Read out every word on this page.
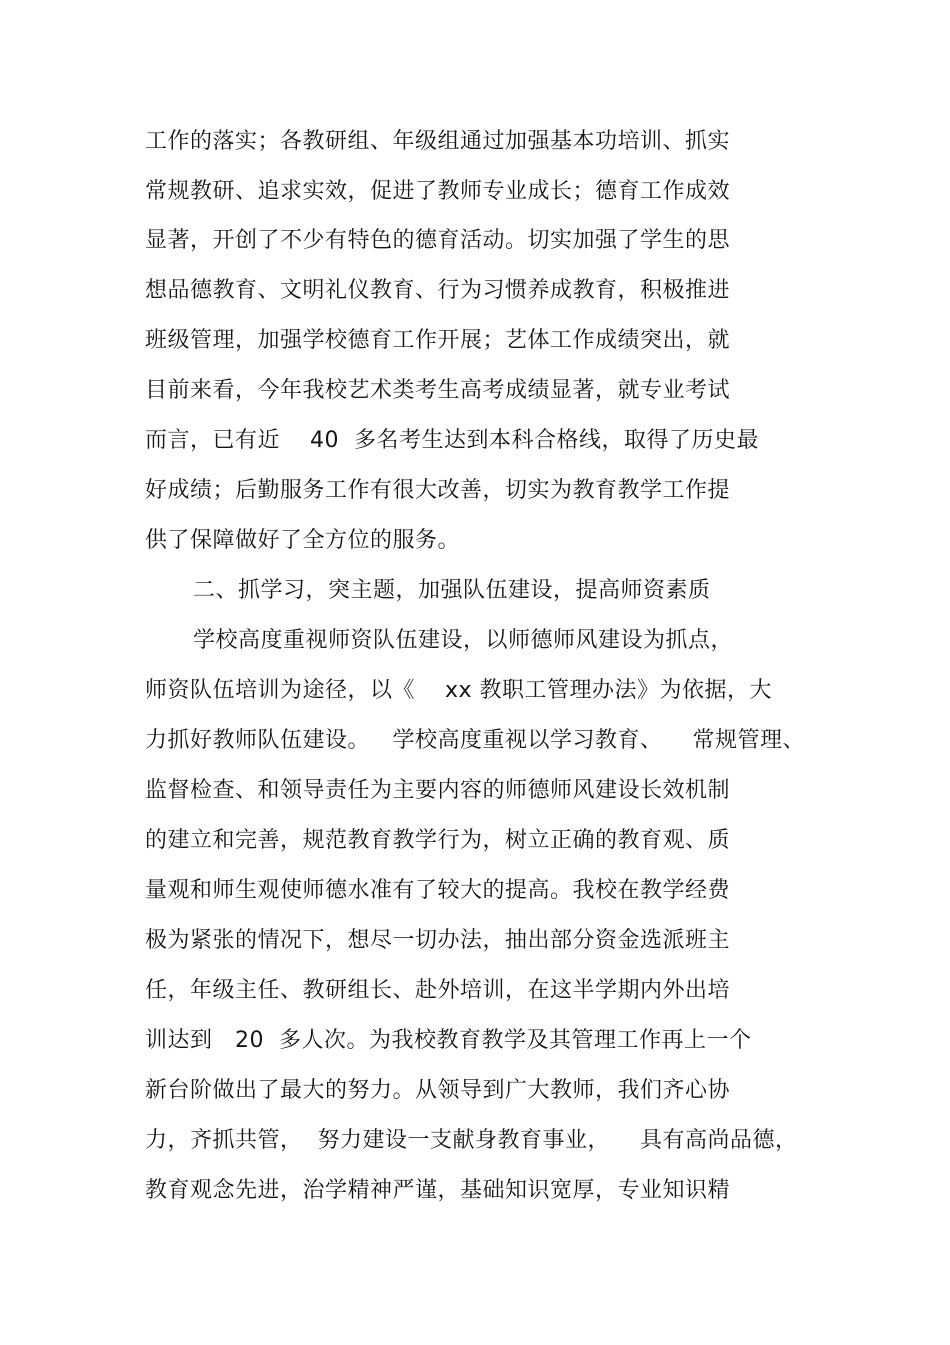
工作的落实；各教研组、年级组通过加强基本功培训、抓实
常规教研、追求实效，促进了教师专业成长；德育工作成效
显著，开创了不少有特色的德育活动。切实加强了学生的思
想品德教育、文明礼仪教育、行为习惯养成教育，积极推进
班级管理，加强学校德育工作开展；艺体工作成绩突出，就
目前来看，今年我校艺术类考生高考成绩显著，就专业考试
而言，已有近    40  多名考生达到本科合格线，取得了历史最
好成绩；后勤服务工作有很大改善，切实为教育教学工作提
供了保障做好了全方位的服务。
二、抓学习，突主题，加强队伍建设，提高师资素质
学校高度重视师资队伍建设，以师德师风建设为抓点，
师资队伍培训为途径，以《    xx 教职工管理办法》为依据，大
力抓好教师队伍建设。   学校高度重视以学习教育、    常规管理、
监督检查、和领导责任为主要内容的师德师风建设长效机制
的建立和完善，规范教育教学行为，树立正确的教育观、质
量观和师生观使师德水准有了较大的提高。我校在教学经费
极为紧张的情况下，想尽一切办法，抽出部分资金选派班主
任，年级主任、教研组长、赴外培训，在这半学期内外出培
训达到   20  多人次。为我校教育教学及其管理工作再上一个
新台阶做出了最大的努力。从领导到广大教师，我们齐心协
力，齐抓共管，  努力建设一支献身教育事业，    具有高尚品德，
教育观念先进，治学精神严谨，基础知识宽厚，专业知识精
